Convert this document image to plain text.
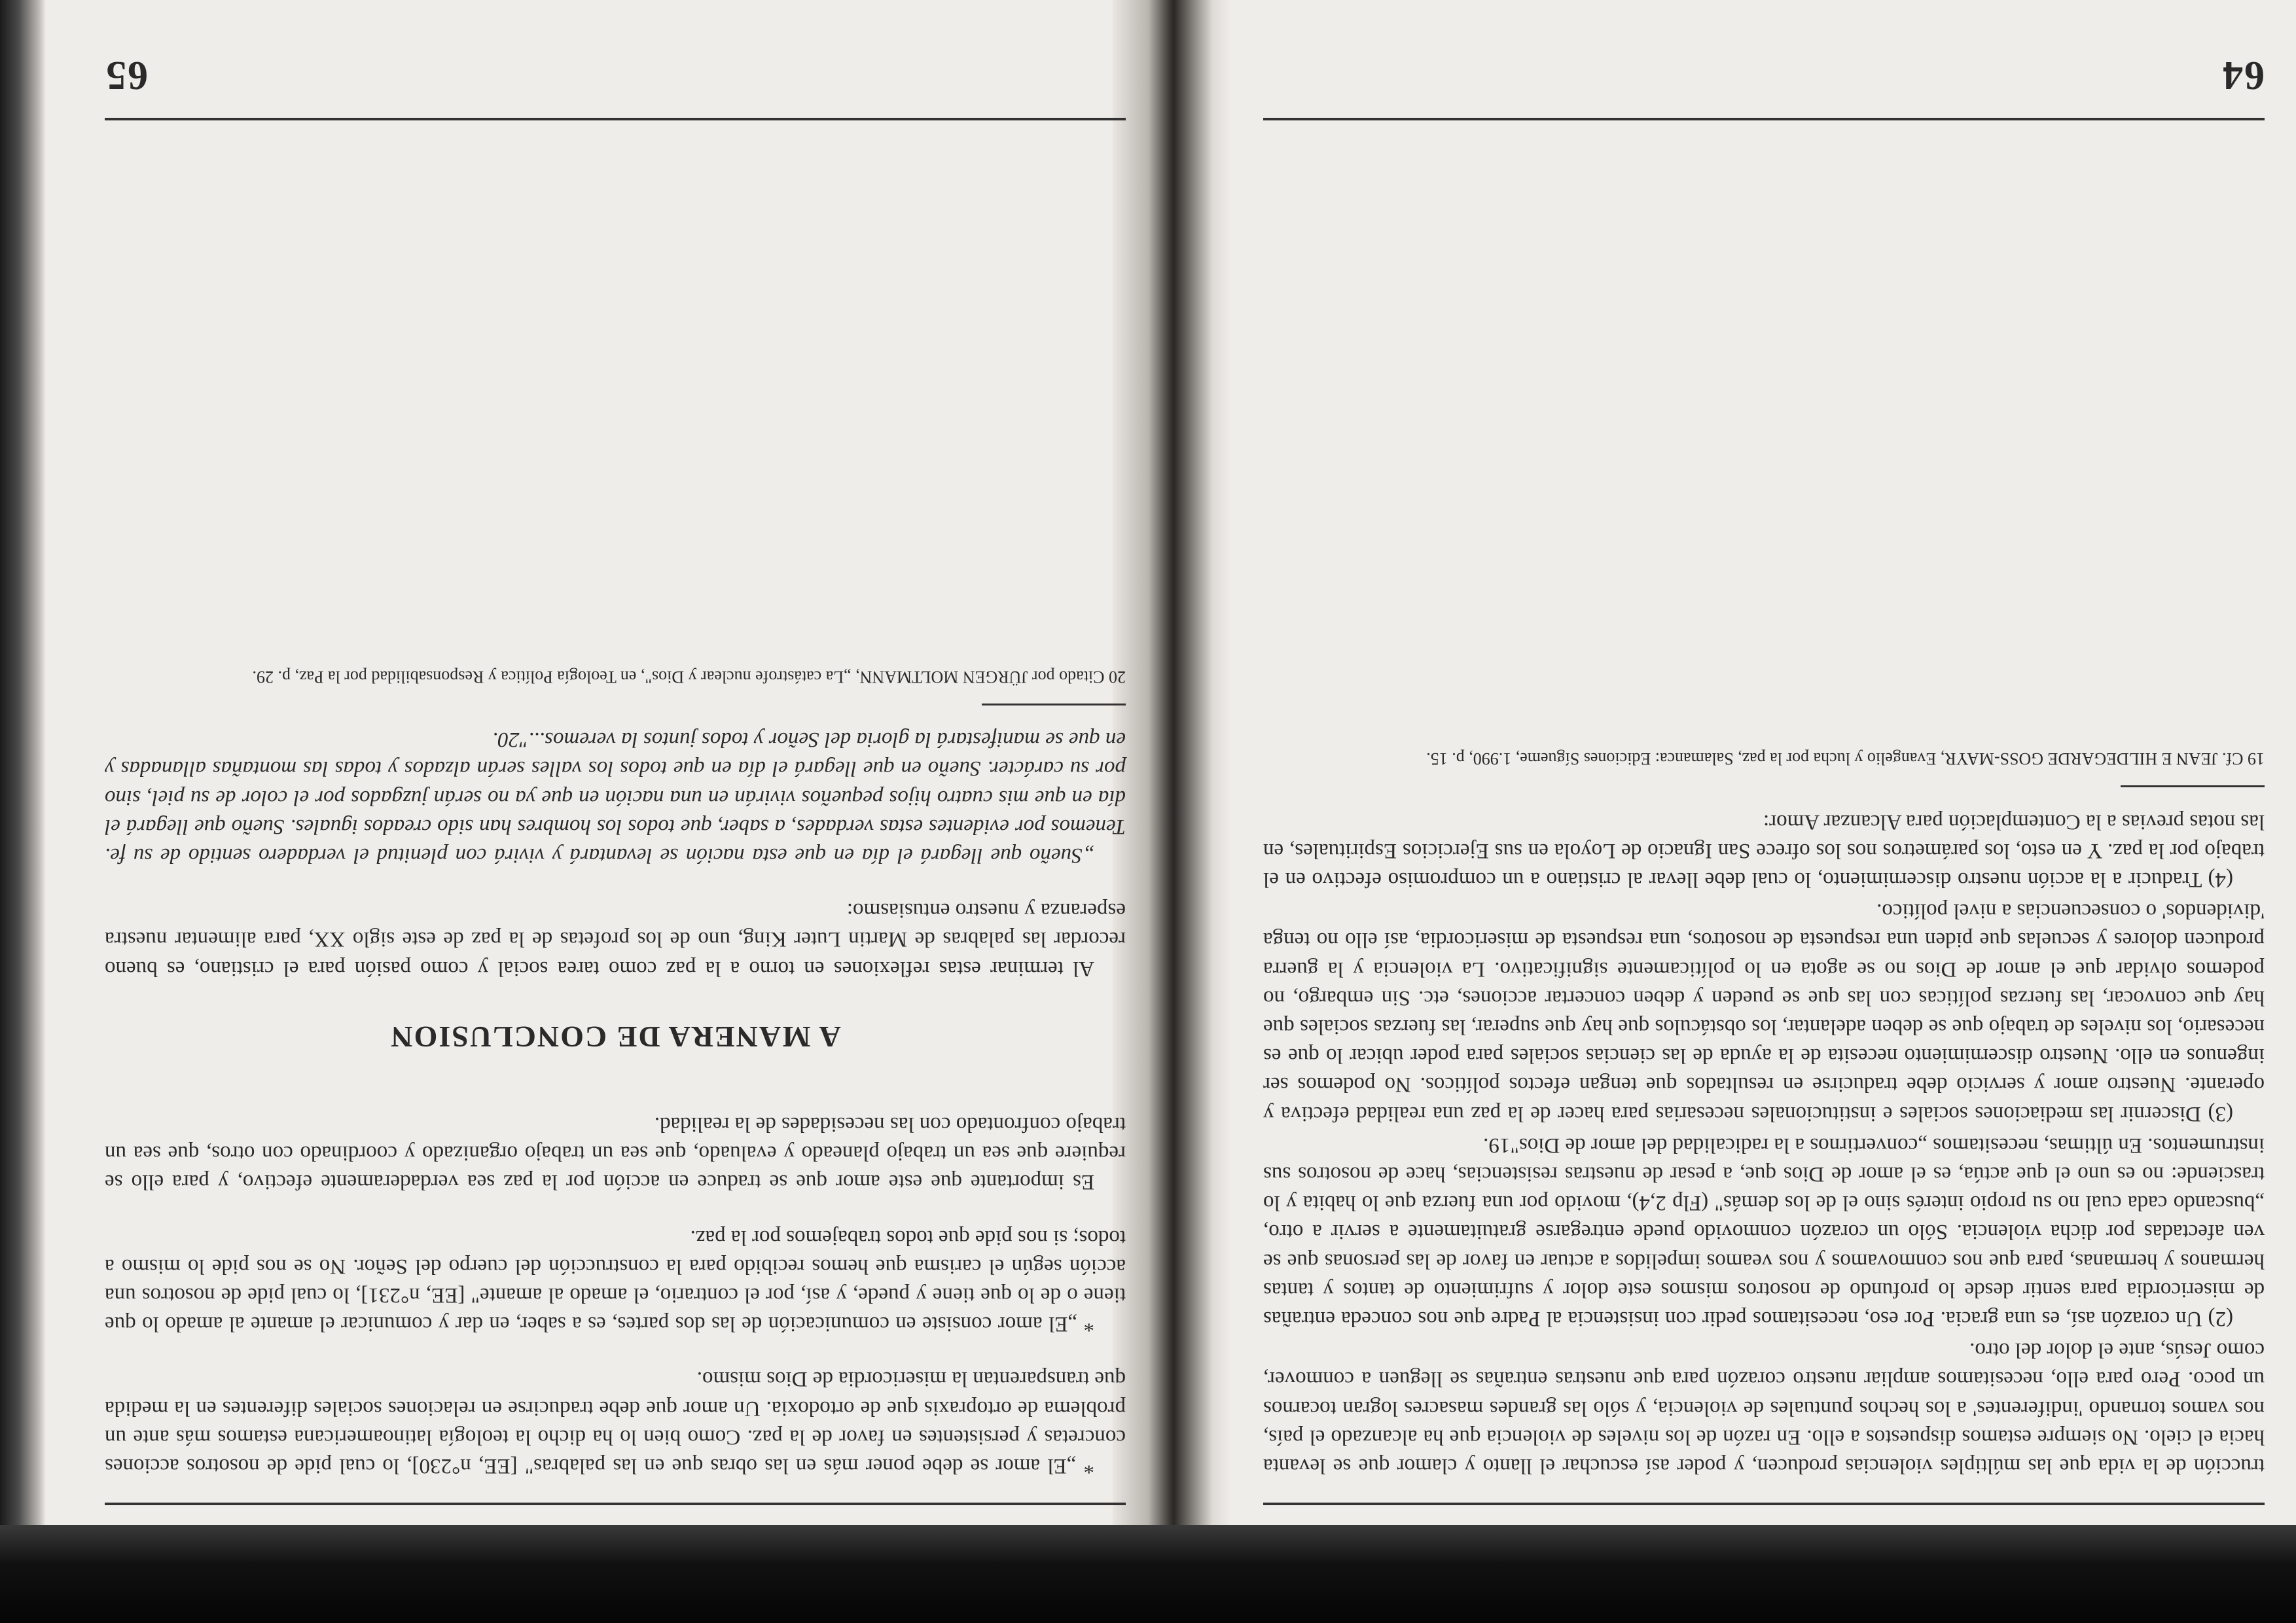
* „El amor se debe poner más en las obras que en las palabras" [EE, n°230], lo cual pide de nosotros acciones concretas y persistentes en favor de la paz. Como bien lo ha dicho la teología latinoamericana estamos más ante un problema de ortopraxis que de ortodoxia. Un amor que debe traducirse en relaciones sociales diferentes en la medida que transparentan la misericordia de Dios mismo.

* „El amor consiste en comunicación de las dos partes, es a saber, en dar y comunicar el amante al amado lo que tiene o de lo que tiene y puede, y así, por el contrario, el amado al amante" [EE, n°231], lo cual pide de nosotros una acción según el carisma que hemos recibido para la construcción del cuerpo del Señor. No se nos pide lo mismo a todos; si nos pide que todos trabajemos por la paz.

Es importante que este amor que se traduce en acción por la paz sea verdaderamente efectivo, y para ello se requiere que sea un trabajo planeado y evaluado, que sea un trabajo organizado y coordinado con otros, que sea un trabajo confrontado con las necesidades de la realidad.

A MANERA DE CONCLUSION

Al terminar estas reflexiones en torno a la paz como tarea social y como pasión para el cristiano, es bueno recordar las palabras de Martin Luter King, uno de los profetas de la paz de este siglo XX, para alimentar nuestra esperanza y nuestro entusiasmo:

„Sueño que llegará el día en que esta nación se levantará y vivirá con plenitud el verdadero sentido de su fe. Tenemos por evidentes estas verdades, a saber, que todos los hombres han sido creados iguales. Sueño que llegará el día en que mis cuatro hijos pequeños vivirán en una nación en que ya no serán juzgados por el color de su piel, sino por su carácter. Sueño en que llegará el día en que todos los valles serán alzados y todas las montañas allanadas y en que se manifestará la gloria del Señor y todos juntos la veremos..."20.

20 Citado por JÜRGEN MOLTMANN, „La catástrofe nuclear y Dios", en Teología Política y Responsabilidad por la Paz, p. 29.

65

trucción de la vida que las múltiples violencias producen, y poder así escuchar el llanto y clamor que se levanta hacia el cielo. No siempre estamos dispuestos a ello. En razón de los niveles de violencia que ha alcanzado el país, nos vamos tornando 'indiferentes' a los hechos puntuales de violencia, y sólo las grandes masacres logran tocarnos un poco. Pero para ello, necesitamos ampliar nuestro corazón para que nuestras entrañas se lleguen a conmover, como Jesús, ante el dolor del otro.

(2) Un corazón así, es una gracia. Por eso, necesitamos pedir con insistencia al Padre que nos conceda entrañas de misericordia para sentir desde lo profundo de nosotros mismos este dolor y sufrimiento de tantos y tantas hermanos y hermanas, para que nos conmovamos y nos veamos impelidos a actuar en favor de las personas que se ven afectadas por dicha violencia. Sólo un corazón conmovido puede entregarse gratuitamente a servir a otro, „buscando cada cual no su propio interés sino el de los demás" (Flp 2,4), movido por una fuerza que lo habita y lo trasciende: no es uno el que actúa, es el amor de Dios que, a pesar de nuestras resistencias, hace de nosotros sus instrumentos. En últimas, necesitamos „convertirnos a la radicalidad del amor de Dios"19.

(3) Discernir las mediaciones sociales e institucionales necesarias para hacer de la paz una realidad efectiva y operante. Nuestro amor y servicio debe traducirse en resultados que tengan efectos políticos. No podemos ser ingenuos en ello. Nuestro discernimiento necesita de la ayuda de las ciencias sociales para poder ubicar lo que es necesario, los niveles de trabajo que se deben adelantar, los obstáculos que hay que superar, las fuerzas sociales que hay que convocar, las fuerzas políticas con las que se pueden y deben concertar acciones, etc. Sin embargo, no podemos olvidar que el amor de Dios no se agota en lo políticamente significativo. La violencia y la guerra producen dolores y secuelas que piden una respuesta de nosotros, una respuesta de misericordia, así ello no tenga 'dividendos' o consecuencias a nivel político.

(4) Traducir a la acción nuestro discernimiento, lo cual debe llevar al cristiano a un compromiso efectivo en el trabajo por la paz. Y en esto, los parámetros nos los ofrece San Ignacio de Loyola en sus Ejercicios Espirituales, en las notas previas a la Contemplación para Alcanzar Amor:

19 Cf. JEAN E HILDEGARDE GOSS-MAYR, Evangelio y lucha por la paz, Salamanca: Ediciones Sígueme, 1.990, p. 15.

64
